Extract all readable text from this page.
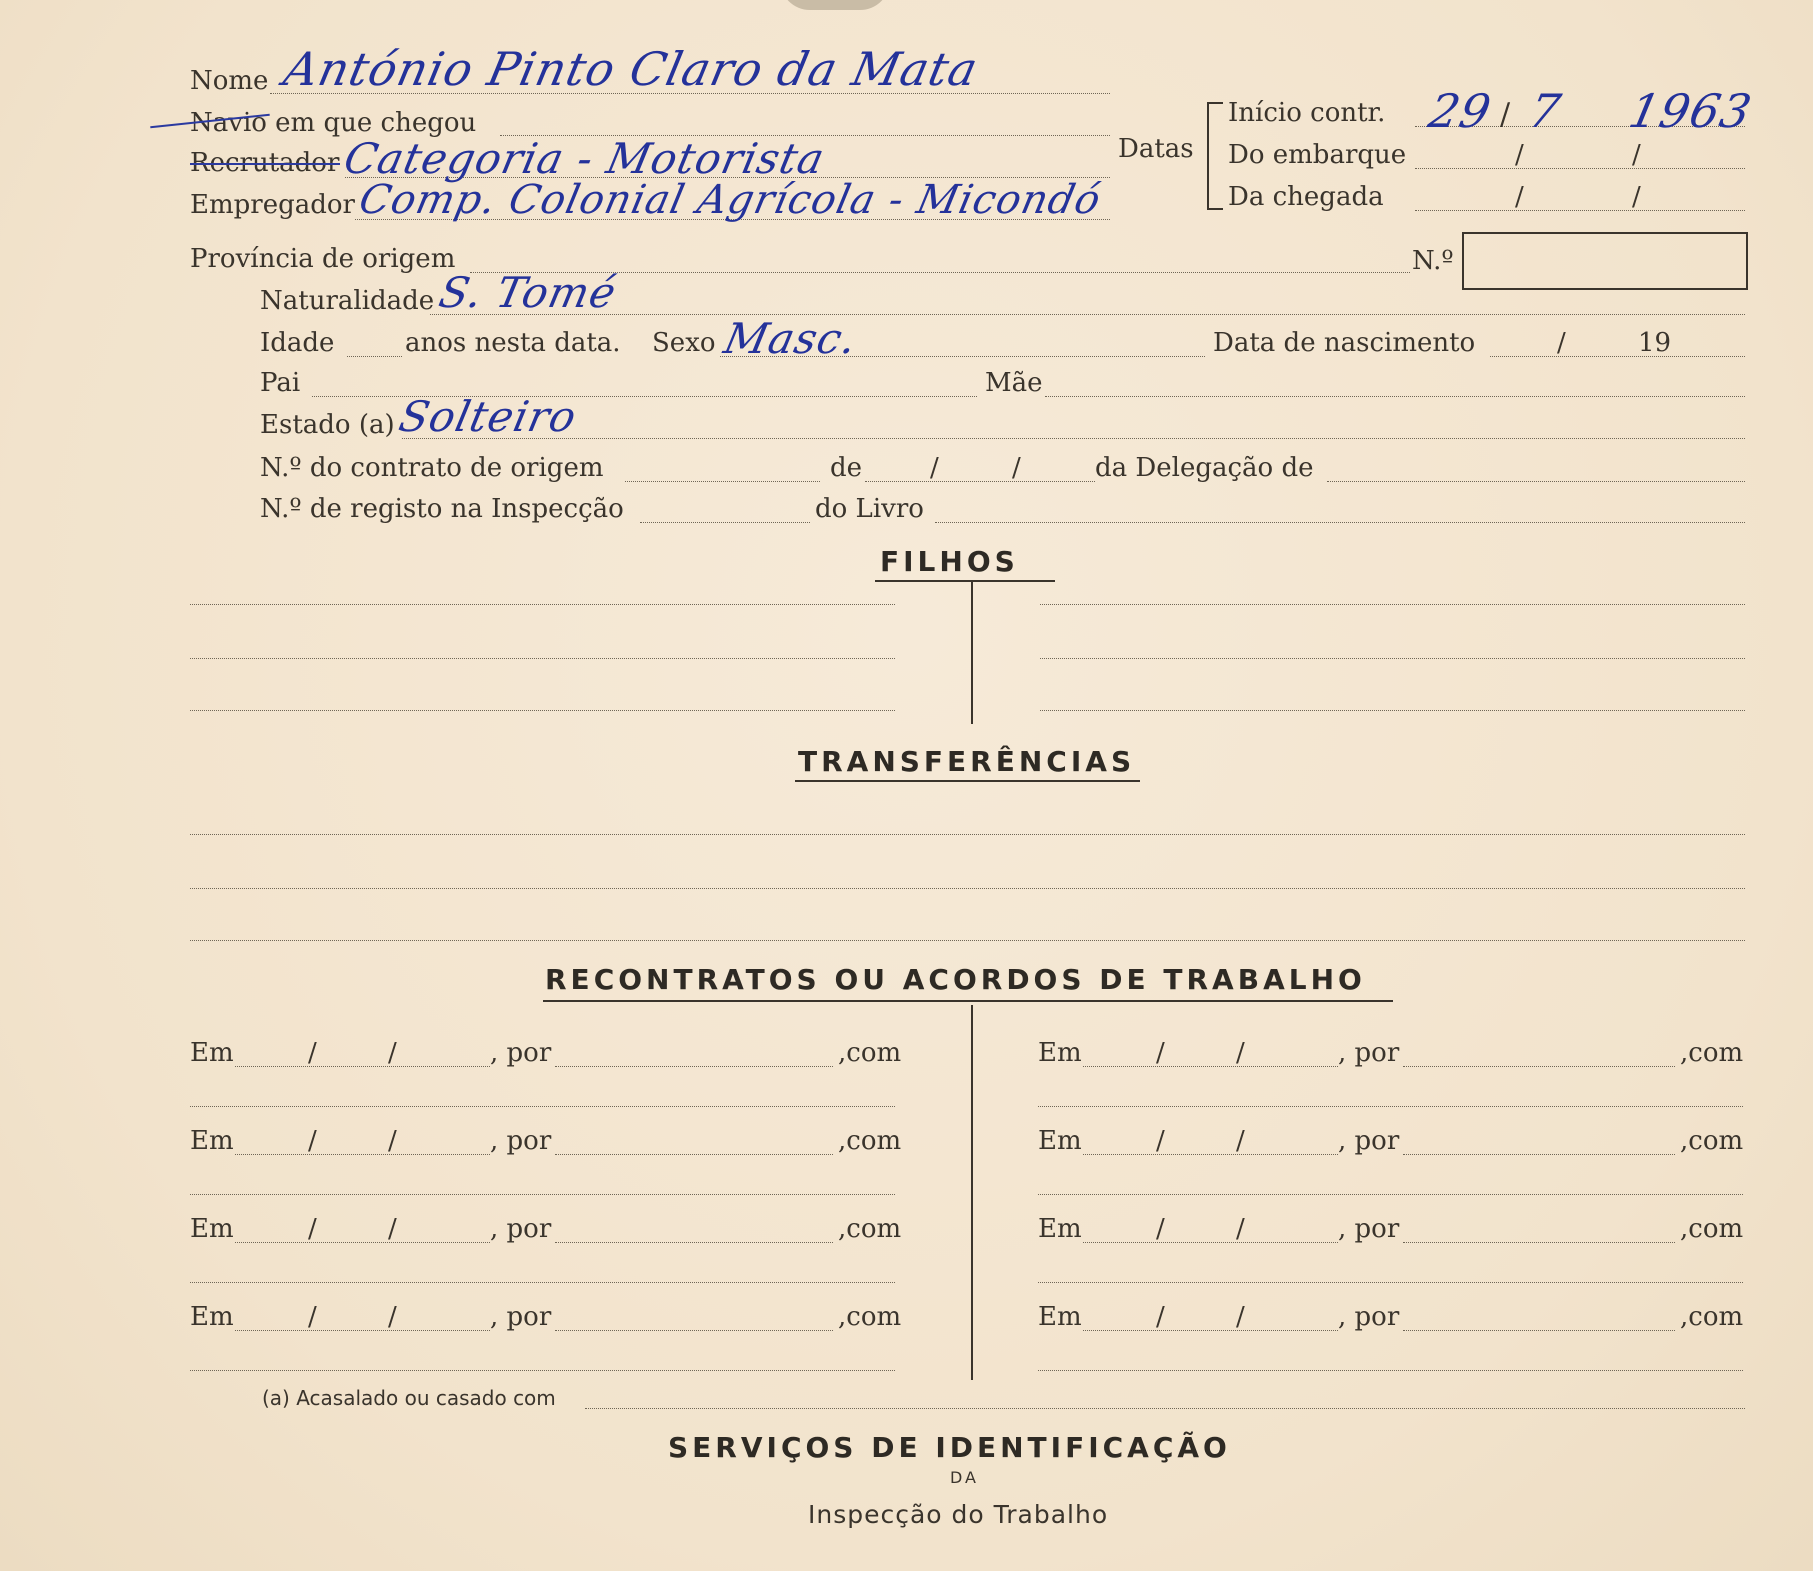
Nome António Pinto Claro da Mata
Navio em que chegou
Recrutador Categoria - Motorista
Empregador Comp. Colonial Agrícola - Micondó
Província de origem
Datas
Início contr. 29 / 7 1963
Do embarque	/	/
Da chegada	/	/
N.º
Naturalidade S. Tomé
Idade	anos nesta data. Sexo Masc.	Data de nascimento	/	19
Pai	Mãe
Estado (a) Solteiro
N.º do contrato de origem	de	/	/	da Delegação de
N.º de registo na Inspecção	do Livro
FILHOS
TRANSFERÊNCIAS
RECONTRATOS OU ACORDOS DE TRABALHO
Em	/	/	, por	,com	Em	/	/	, por	,com
Em	/	/	, por	,com	Em	/	/	, por	,com
Em	/	/	, por	,com	Em	/	/	, por	,com
Em	/	/	, por	,com	Em	/	/	, por	,com
(a) Acasalado ou casado com
SERVIÇOS DE IDENTIFICAÇÃO
DA
Inspecção do Trabalho
